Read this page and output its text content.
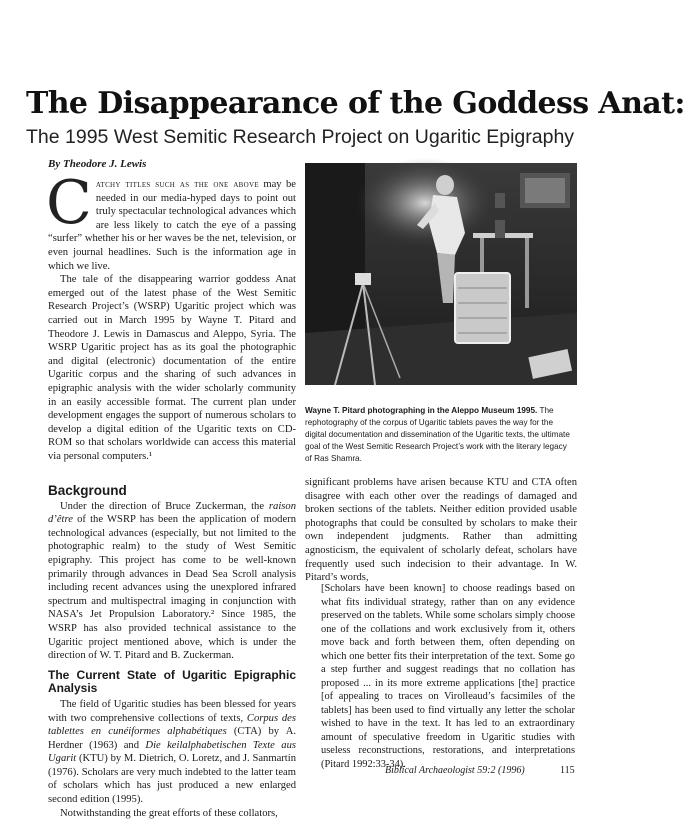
The Disappearance of the Goddess Anat:
The 1995 West Semitic Research Project on Ugaritic Epigraphy
By Theodore J. Lewis

Catchy titles such as the one above may be needed in our media-hyped days to point out truly spectacular technological advances which are less likely to catch the eye of a passing “surfer” whether his or her waves be the net, television, or even journal headlines. Such is the information age in which we live.

The tale of the disappearing warrior goddess Anat emerged out of the latest phase of the West Semitic Research Project’s (WSRP) Ugaritic project which was carried out in March 1995 by Wayne T. Pitard and Theodore J. Lewis in Damascus and Aleppo, Syria. The WSRP Ugaritic project has as its goal the photographic and digital (electronic) documentation of the entire Ugaritic corpus and the sharing of such advances in epigraphic analysis with the wider scholarly community in an easily accessible format. The current plan under development engages the support of numerous scholars to develop a digital edition of the Ugaritic texts on CD-ROM so that scholars worldwide can access this material via personal computers.¹

Wayne T. Pitard photographing in the Aleppo Museum 1995. The rephotography of the corpus of Ugaritic tablets paves the way for the digital documentation and dissemination of the Ugaritic texts, the ultimate goal of the West Semitic Research Project’s work with the literary legacy of Ras Shamra.
Background

Under the direction of Bruce Zuckerman, the raison d’être of the WSRP has been the application of modern technological advances (especially, but not limited to the photographic realm) to the study of West Semitic epigraphy. This project has come to be well-known primarily through advances in Dead Sea Scroll analysis including recent advances using the unexplored infrared spectrum and multispectral imaging in conjunction with NASA’s Jet Propulsion Laboratory.² Since 1985, the WSRP has also provided technical assistance to the Ugaritic project mentioned above, which is under the direction of W. T. Pitard and B. Zuckerman.

The Current State of Ugaritic Epigraphic Analysis

The field of Ugaritic studies has been blessed for years with two comprehensive collections of texts, Corpus des tablettes en cunéiformes alphabétiques (CTA) by A. Herdner (1963) and Die keilalphabetischen Texte aus Ugarit (KTU) by M. Dietrich, O. Loretz, and J. Sanmartín (1976). Scholars are very much indebted to the latter team of scholars which has just produced a new enlarged second edition (1995).

Notwithstanding the great efforts of these collators,

significant problems have arisen because KTU and CTA often disagree with each other over the readings of damaged and broken sections of the tablets. Neither edition provided usable photographs that could be consulted by scholars to make their own independent judgments. Rather than admitting agnosticism, the equivalent of scholarly defeat, scholars have frequently used such indecision to their advantage. In W. Pitard’s words,

[Scholars have been known] to choose readings based on what fits individual strategy, rather than on any evidence preserved on the tablets. While some scholars simply choose one of the collations and work exclusively from it, others move back and forth between them, often depending on which one better fits their interpretation of the text. Some go a step further and suggest readings that no collation has proposed ... in its more extreme applications [the] practice [of appealing to traces on Virolleaud’s facsimiles of the tablets] has been used to find virtually any letter the scholar wished to have in the text. It has led to an extraordinary amount of speculative freedom in Ugaritic studies with useless reconstructions, restorations, and interpretations (Pitard 1992:33-34).
Biblical Archaeologist 59:2 (1996)	115
